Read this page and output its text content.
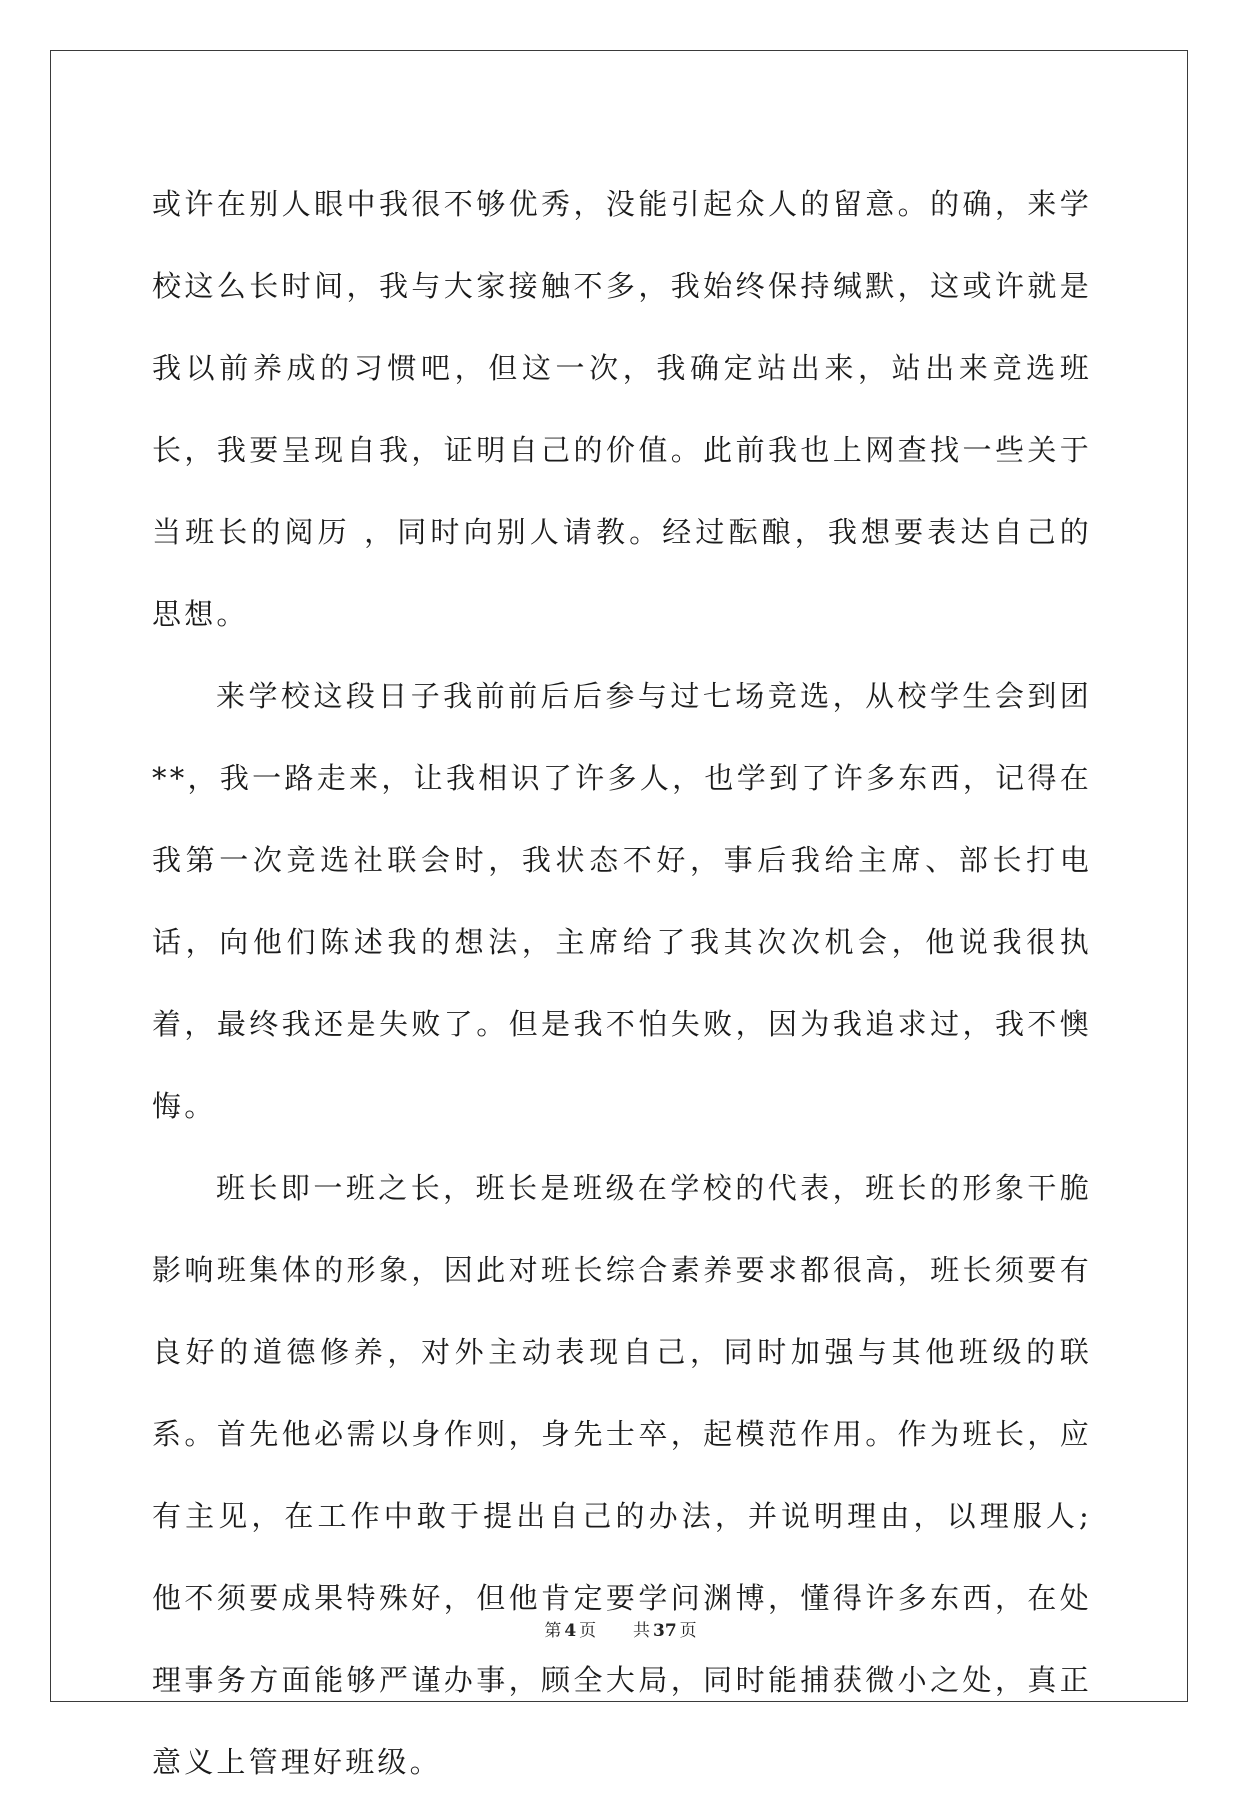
或许在别人眼中我很不够优秀，没能引起众人的留意。的确，来学校这么长时间，我与大家接触不多，我始终保持缄默，这或许就是我以前养成的习惯吧，但这一次，我确定站出来，站出来竞选班长，我要呈现自我，证明自己的价值。此前我也上网查找一些关于当班长的阅历 ，同时向别人请教。经过酝酿，我想要表达自己的思想。

来学校这段日子我前前后后参与过七场竞选，从校学生会到团**，我一路走来，让我相识了许多人，也学到了许多东西，记得在我第一次竞选社联会时，我状态不好，事后我给主席、部长打电话，向他们陈述我的想法，主席给了我其次次机会，他说我很执着，最终我还是失败了。但是我不怕失败，因为我追求过，我不懊悔。

班长即一班之长，班长是班级在学校的代表，班长的形象干脆影响班集体的形象，因此对班长综合素养要求都很高，班长须要有良好的道德修养，对外主动表现自己，同时加强与其他班级的联系。首先他必需以身作则，身先士卒，起模范作用。作为班长，应有主见，在工作中敢于提出自己的办法，并说明理由，以理服人;他不须要成果特殊好，但他肯定要学问渊博，懂得许多东西，在处理事务方面能够严谨办事，顾全大局，同时能捕获微小之处，真正意义上管理好班级。

第 4 页 共 37 页
